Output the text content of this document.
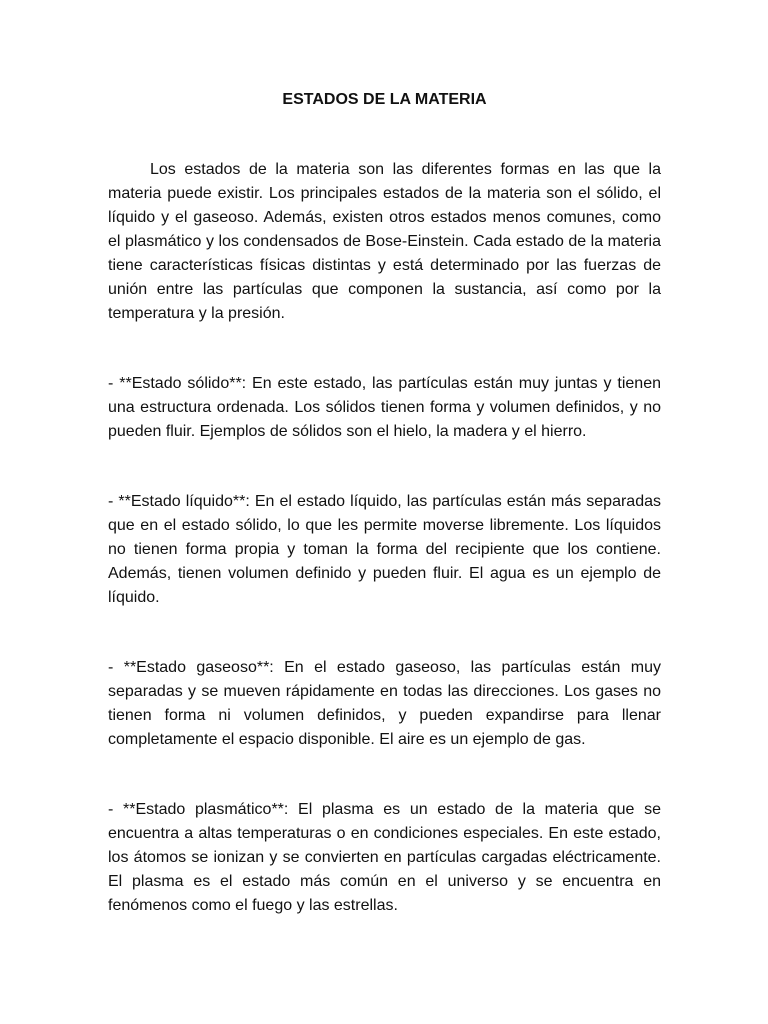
ESTADOS DE LA MATERIA

Los estados de la materia son las diferentes formas en las que la materia puede existir. Los principales estados de la materia son el sólido, el líquido y el gaseoso. Además, existen otros estados menos comunes, como el plasmático y los condensados de Bose-Einstein. Cada estado de la materia tiene características físicas distintas y está determinado por las fuerzas de unión entre las partículas que componen la sustancia, así como por la temperatura y la presión.

- **Estado sólido**: En este estado, las partículas están muy juntas y tienen una estructura ordenada. Los sólidos tienen forma y volumen definidos, y no pueden fluir. Ejemplos de sólidos son el hielo, la madera y el hierro.

- **Estado líquido**: En el estado líquido, las partículas están más separadas que en el estado sólido, lo que les permite moverse libremente. Los líquidos no tienen forma propia y toman la forma del recipiente que los contiene. Además, tienen volumen definido y pueden fluir. El agua es un ejemplo de líquido.

- **Estado gaseoso**: En el estado gaseoso, las partículas están muy separadas y se mueven rápidamente en todas las direcciones. Los gases no tienen forma ni volumen definidos, y pueden expandirse para llenar completamente el espacio disponible. El aire es un ejemplo de gas.

- **Estado plasmático**: El plasma es un estado de la materia que se encuentra a altas temperaturas o en condiciones especiales. En este estado, los átomos se ionizan y se convierten en partículas cargadas eléctricamente. El plasma es el estado más común en el universo y se encuentra en fenómenos como el fuego y las estrellas.
